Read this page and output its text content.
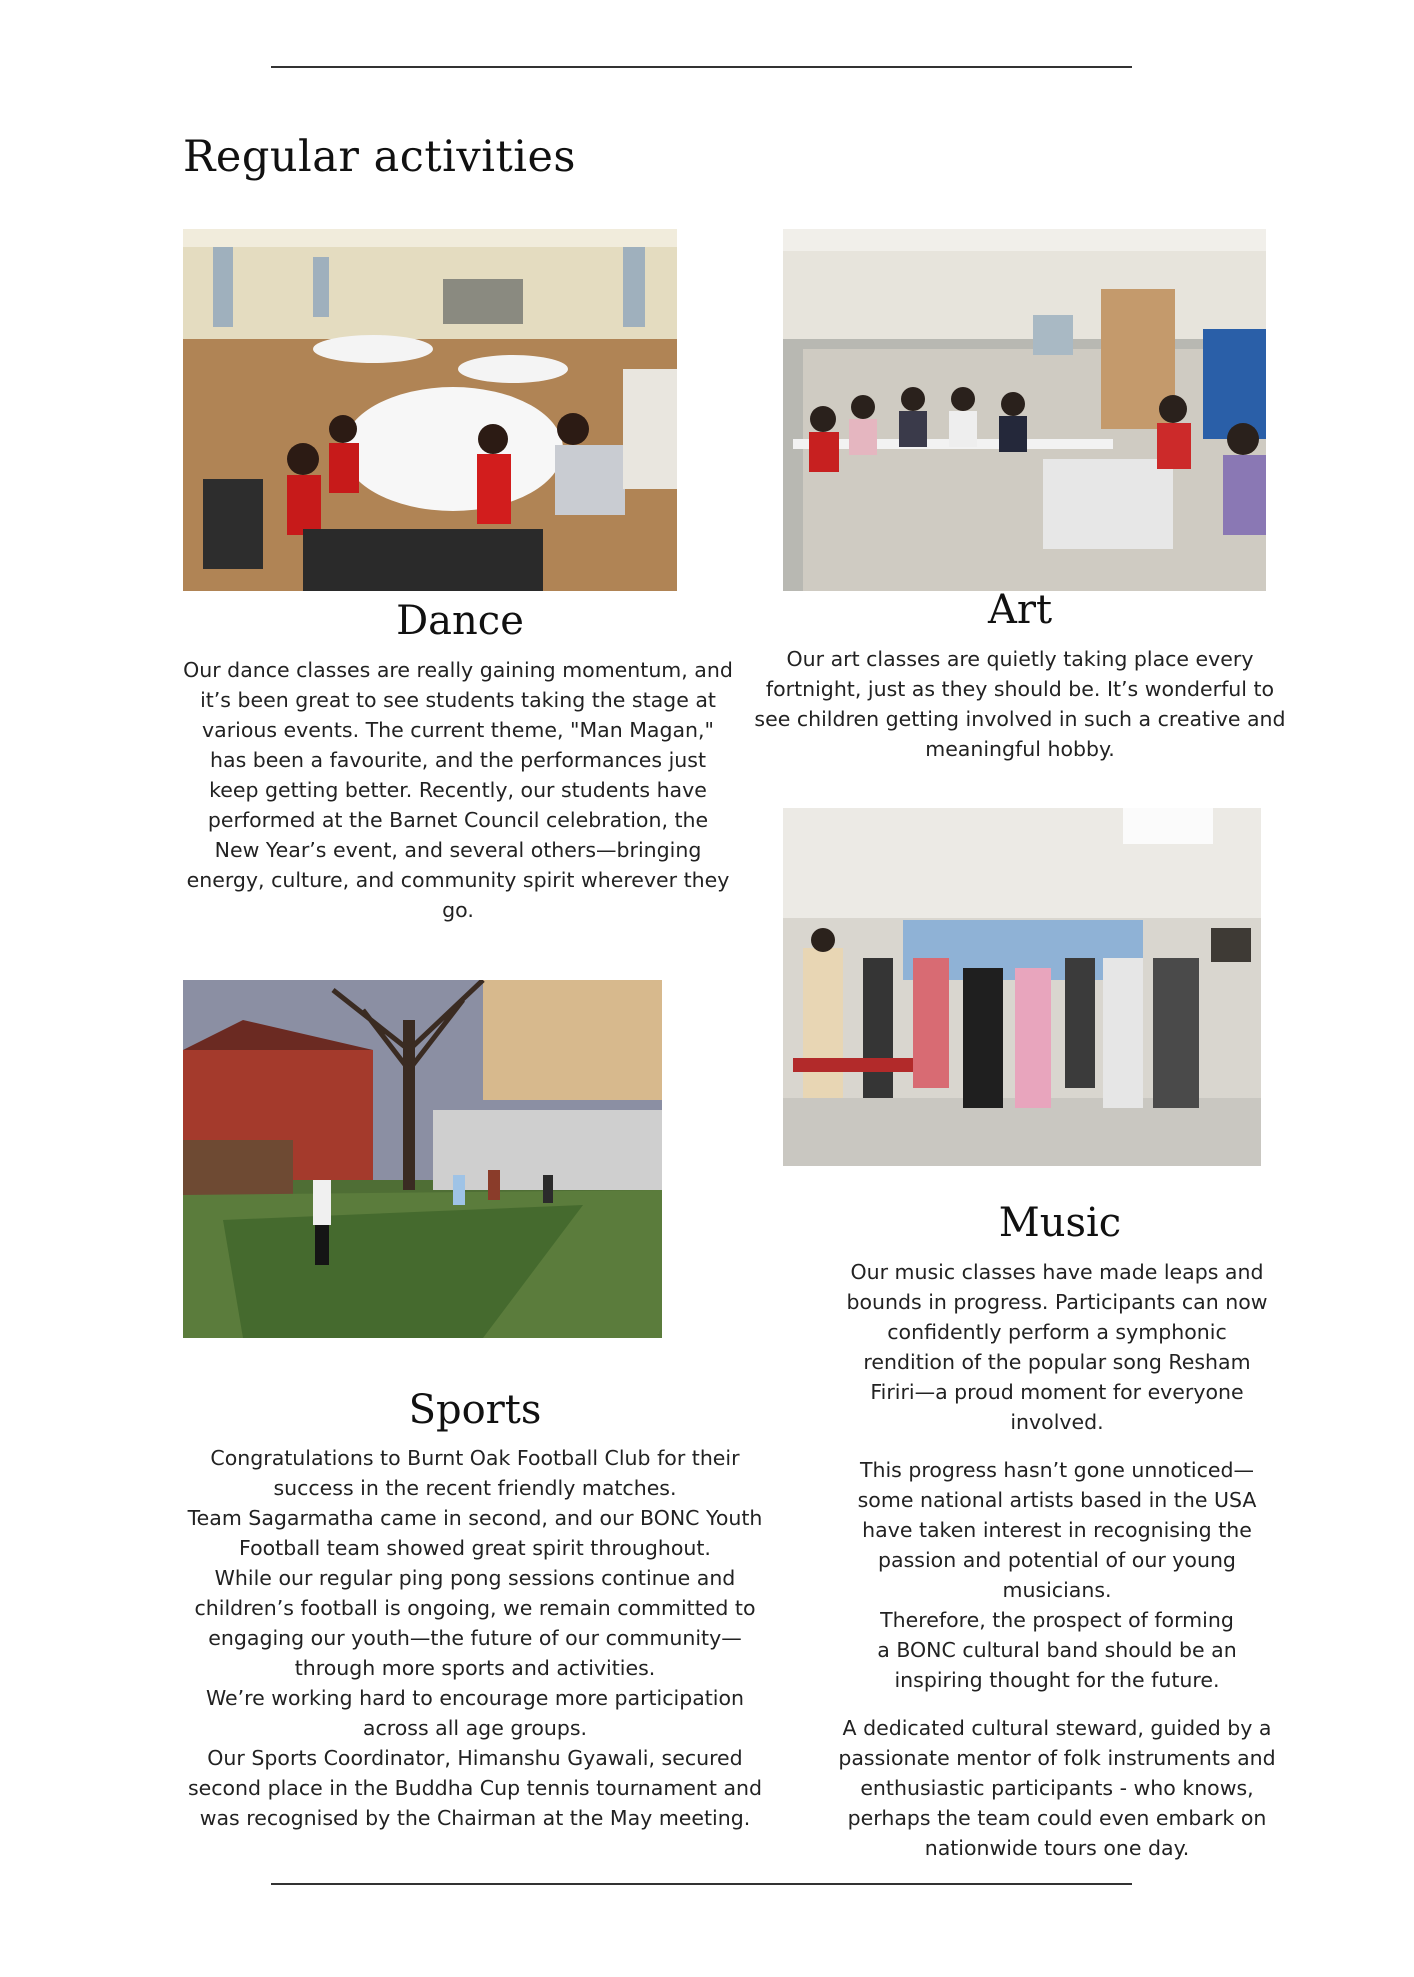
Regular activities
Dance

Our dance classes are really gaining momentum, and it’s been great to see students taking the stage at various events. The current theme, "Man Magan," has been a favourite, and the performances just keep getting better. Recently, our students have performed at the Barnet Council celebration, the New Year’s event, and several others—bringing energy, culture, and community spirit wherever they go.

Art

Our art classes are quietly taking place every fortnight, just as they should be. It’s wonderful to see children getting involved in such a creative and meaningful hobby.

Music

Our music classes have made leaps and bounds in progress. Participants can now confidently perform a symphonic rendition of the popular song Resham Firiri—a proud moment for everyone involved.

This progress hasn’t gone unnoticed—some national artists based in the USA have taken interest in recognising the passion and potential of our young musicians.

Therefore, the prospect of forming a BONC cultural band should be an inspiring thought for the future.

A dedicated cultural steward, guided by a passionate mentor of folk instruments and enthusiastic participants - who knows, perhaps the team could even embark on nationwide tours one day.

Sports

Congratulations to Burnt Oak Football Club for their success in the recent friendly matches.

Team Sagarmatha came in second, and our BONC Youth Football team showed great spirit throughout.

While our regular ping pong sessions continue and children’s football is ongoing, we remain committed to engaging our youth—the future of our community—through more sports and activities.

We’re working hard to encourage more participation across all age groups.

Our Sports Coordinator, Himanshu Gyawali, secured second place in the Buddha Cup tennis tournament and was recognised by the Chairman at the May meeting.
